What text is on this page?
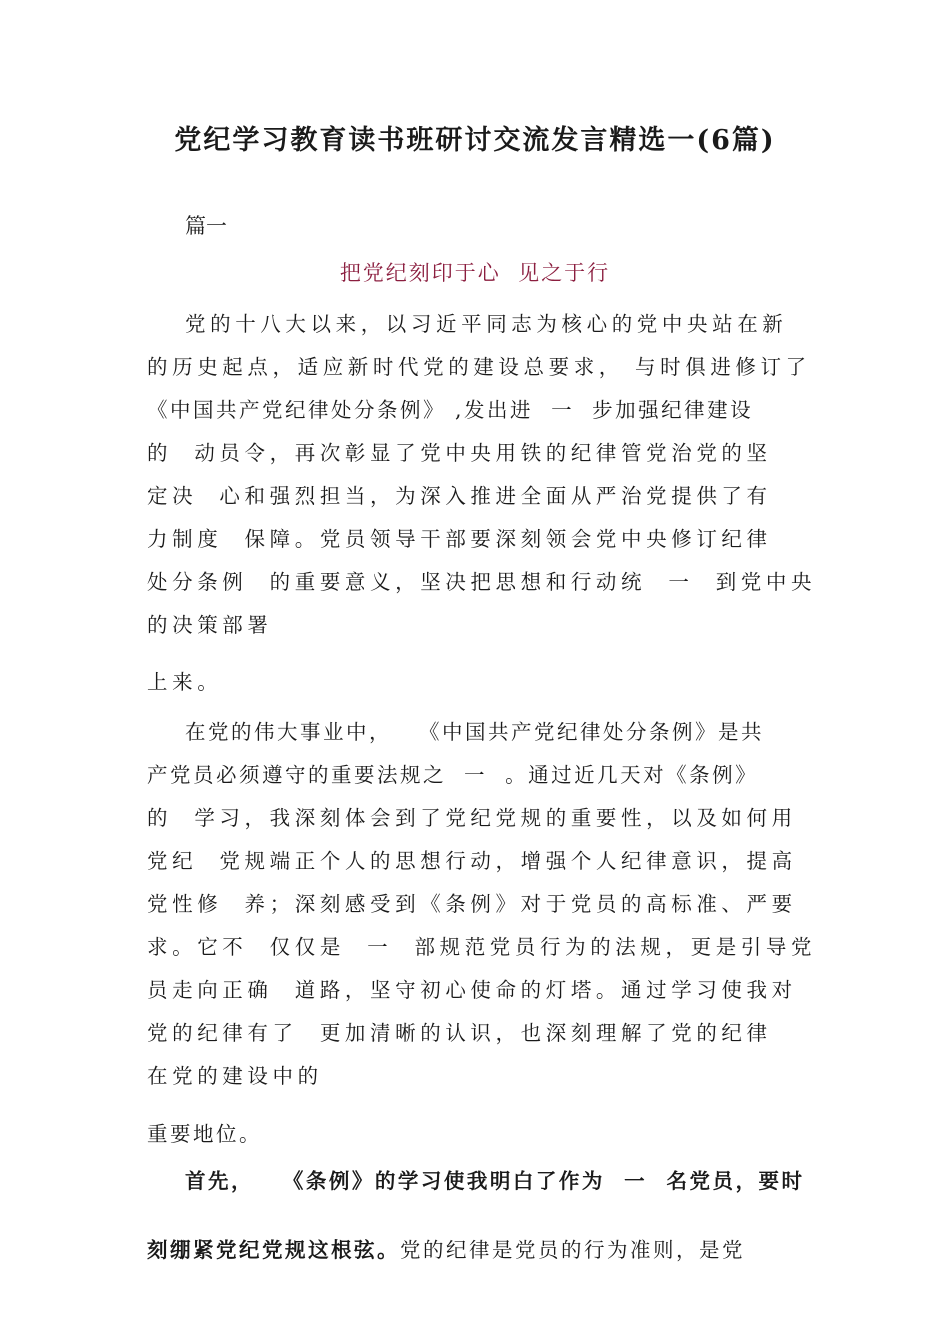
党纪学习教育读书班研讨交流发言精选一(6篇)
篇一
把党纪刻印于心  见之于行
党的十八大以来，以习近平同志为核心的党中央站在新
的历史起点，适应新时代党的建设总要求， 与时俱进修订了
《中国共产党纪律处分条例》 ,发出进  一  步加强纪律建设
的  动员令，再次彰显了党中央用铁的纪律管党治党的坚
定决  心和强烈担当，为深入推进全面从严治党提供了有
力制度  保障。党员领导干部要深刻领会党中央修订纪律
处分条例  的重要意义，坚决把思想和行动统  一  到党中央
的决策部署
上来。
在党的伟大事业中，   《中国共产党纪律处分条例》是共
产党员必须遵守的重要法规之  一  。通过近几天对《条例》
的  学习，我深刻体会到了党纪党规的重要性，以及如何用
党纪  党规端正个人的思想行动，增强个人纪律意识，提高
党性修  养；深刻感受到《条例》对于党员的高标准、严要
求。它不  仅仅是  一  部规范党员行为的法规，更是引导党
员走向正确  道路，坚守初心使命的灯塔。通过学习使我对
党的纪律有了  更加清晰的认识，也深刻理解了党的纪律
在党的建设中的
重要地位。
首先，   《条例》的学习使我明白了作为  一  名党员，要时
刻绷紧党纪党规这根弦。党的纪律是党员的行为准则，是党
